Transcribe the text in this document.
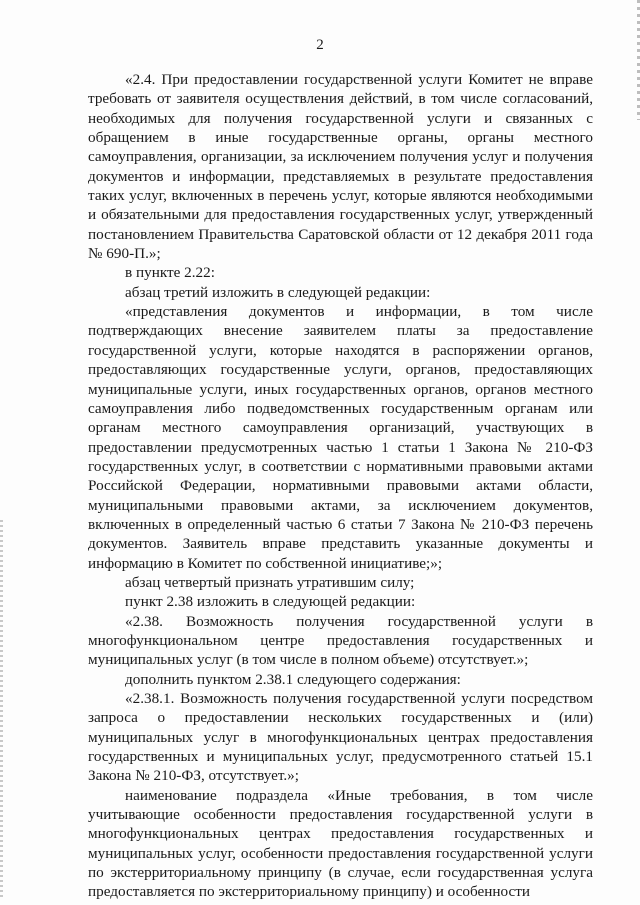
2

«2.4. При предоставлении государственной услуги Комитет не вправе требовать от заявителя осуществления действий, в том числе согласований, необходимых для получения государственной услуги и связанных с обращением в иные государственные органы, органы местного самоуправления, организации, за исключением получения услуг и получения документов и информации, представляемых в результате предоставления таких услуг, включенных в перечень услуг, которые являются необходимыми и обязательными для предоставления государственных услуг, утвержденный постановлением Правительства Саратовской области от 12 декабря 2011 года № 690-П.»;

в пункте 2.22:

абзац третий изложить в следующей редакции:

«представления документов и информации, в том числе подтверждающих внесение заявителем платы за предоставление государственной услуги, которые находятся в распоряжении органов, предоставляющих государственные услуги, органов, предоставляющих муниципальные услуги, иных государственных органов, органов местного самоуправления либо подведомственных государственным органам или органам местного самоуправления организаций, участвующих в предоставлении предусмотренных частью 1 статьи 1 Закона № 210-ФЗ государственных услуг, в соответствии с нормативными правовыми актами Российской Федерации, нормативными правовыми актами области, муниципальными правовыми актами, за исключением документов, включенных в определенный частью 6 статьи 7 Закона № 210-ФЗ перечень документов. Заявитель вправе представить указанные документы и информацию в Комитет по собственной инициативе;»;

абзац четвертый признать утратившим силу;

пункт 2.38 изложить в следующей редакции:

«2.38. Возможность получения государственной услуги в многофункциональном центре предоставления государственных и муниципальных услуг (в том числе в полном объеме) отсутствует.»;

дополнить пунктом 2.38.1 следующего содержания:

«2.38.1. Возможность получения государственной услуги посредством запроса о предоставлении нескольких государственных и (или) муниципальных услуг в многофункциональных центрах предоставления государственных и муниципальных услуг, предусмотренного статьей 15.1 Закона № 210-ФЗ, отсутствует.»;

наименование подраздела «Иные требования, в том числе учитывающие особенности предоставления государственной услуги в многофункциональных центрах предоставления государственных и муниципальных услуг, особенности предоставления государственной услуги по экстерриториальному принципу (в случае, если государственная услуга предоставляется по экстерриториальному принципу) и особенности
